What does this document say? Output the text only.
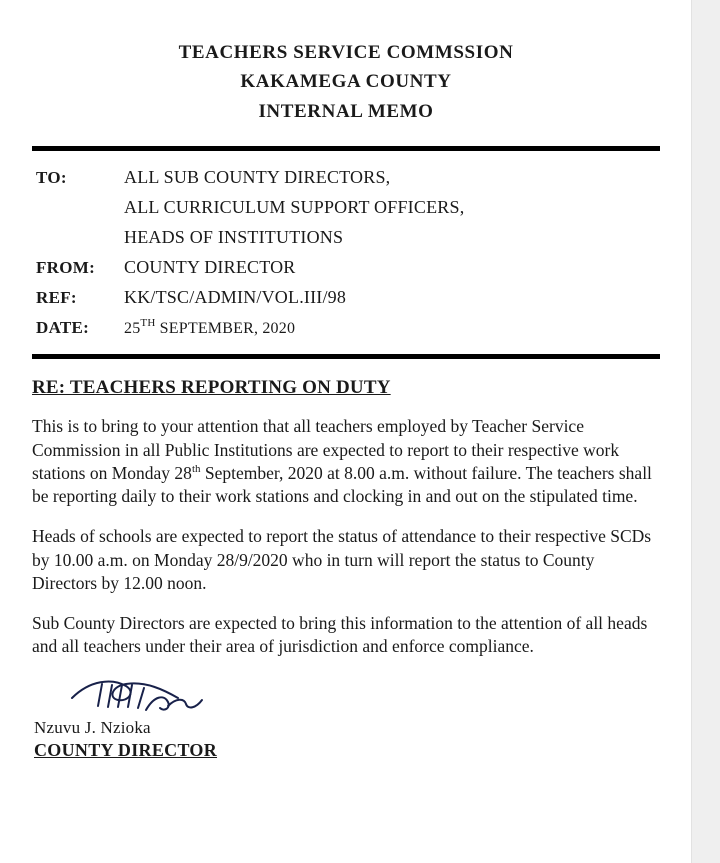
TEACHERS SERVICE COMMSSION
KAKAMEGA COUNTY
INTERNAL MEMO
TO:	ALL SUB COUNTY DIRECTORS,
ALL CURRICULUM SUPPORT OFFICERS,
HEADS OF INSTITUTIONS
FROM:	COUNTY DIRECTOR
REF:	KK/TSC/ADMIN/VOL.III/98
DATE:	25TH SEPTEMBER, 2020
RE: TEACHERS REPORTING ON DUTY

This is to bring to your attention that all teachers employed by Teacher Service Commission in all Public Institutions are expected to report to their respective work stations on Monday 28th September, 2020 at 8.00 a.m. without failure. The teachers shall be reporting daily to their work stations and clocking in and out on the stipulated time.

Heads of schools are expected to report the status of attendance to their respective SCDs by 10.00 a.m. on Monday 28/9/2020 who in turn will report the status to County Directors by 12.00 noon.

Sub County Directors are expected to bring this information to the attention of all heads and all teachers under their area of jurisdiction and enforce compliance.

Nzuvu J. Nzioka
COUNTY DIRECTOR
